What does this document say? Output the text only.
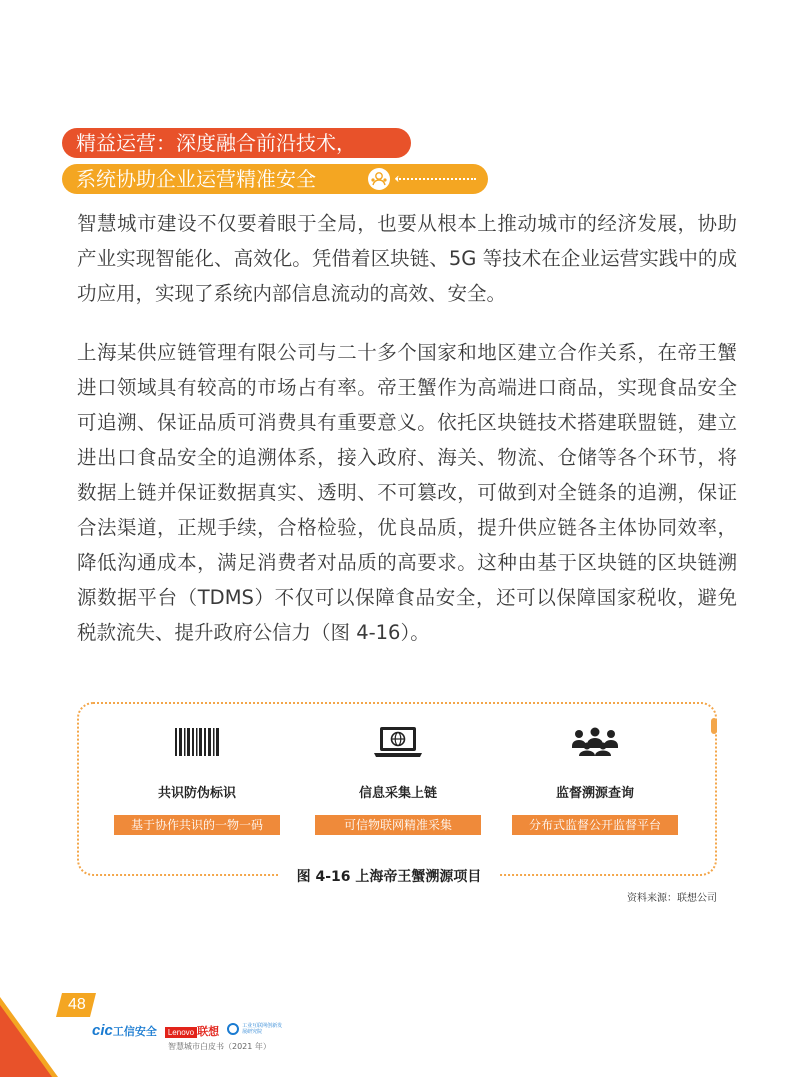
精益运营：深度融合前沿技术，
系统协助企业运营精准安全	‹

智慧城市建设不仅要着眼于全局，也要从根本上推动城市的经济发展，协助产业实现智能化、高效化。凭借着区块链、5G 等技术在企业运营实践中的成功应用，实现了系统内部信息流动的高效、安全。

上海某供应链管理有限公司与二十多个国家和地区建立合作关系，在帝王蟹进口领域具有较高的市场占有率。帝王蟹作为高端进口商品，实现食品安全可追溯、保证品质可消费具有重要意义。依托区块链技术搭建联盟链，建立进出口食品安全的追溯体系，接入政府、海关、物流、仓储等各个环节，将数据上链并保证数据真实、透明、不可篡改，可做到对全链条的追溯，保证合法渠道，正规手续，合格检验，优良品质，提升供应链各主体协同效率，降低沟通成本，满足消费者对品质的高要求。这种由基于区块链的区块链溯源数据平台（TDMS）不仅可以保障食品安全，还可以保障国家税收，避免税款流失、提升政府公信力（图 4-16）。

共识防伪标识
基于协作共识的一物一码
信息采集上链
可信物联网精准采集
监督溯源查询
分布式监督公开监督平台
图 4-16 上海帝王蟹溯源项目
资料来源：联想公司
48
cic工信安全	Lenovo 联想	工业互联网创新发展研究院
智慧城市白皮书（2021 年）
